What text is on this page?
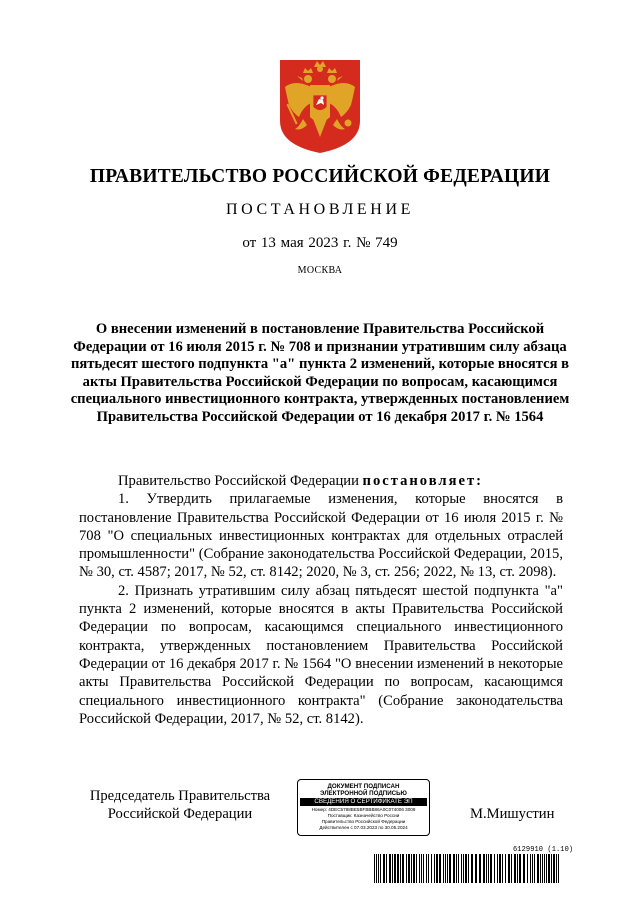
ПРАВИТЕЛЬСТВО РОССИЙСКОЙ ФЕДЕРАЦИИ
ПОСТАНОВЛЕНИЕ
от 13 мая 2023 г. № 749
МОСКВА
О внесении изменений в постановление Правительства Российской Федерации от 16 июля 2015 г. № 708 и признании утратившим силу абзаца пятьдесят шестого подпункта "а" пункта 2 изменений, которые вносятся в акты Правительства Российской Федерации по вопросам, касающимся специального инвестиционного контракта, утвержденных постановлением Правительства Российской Федерации от 16 декабря 2017 г. № 1564

Правительство Российской Федерации постановляет:

1. Утвердить прилагаемые изменения, которые вносятся в постановление Правительства Российской Федерации от 16 июля 2015 г. № 708 "О специальных инвестиционных контрактах для отдельных отраслей промышленности" (Собрание законодательства Российской Федерации, 2015, № 30, ст. 4587; 2017, № 52, ст. 8142; 2020, № 3, ст. 256; 2022, № 13, ст. 2098).

2. Признать утратившим силу абзац пятьдесят шестой подпункта "а" пункта 2 изменений, которые вносятся в акты Правительства Российской Федерации по вопросам, касающимся специального инвестиционного контракта, утвержденных постановлением Правительства Российской Федерации от 16 декабря 2017 г. № 1564 "О внесении изменений в некоторые акты Правительства Российской Федерации по вопросам, касающимся специального инвестиционного контракта" (Собрание законодательства Российской Федерации, 2017, № 52, ст. 8142).

Председатель Правительства
Российской Федерации
ДОКУМЕНТ ПОДПИСАН
ЭЛЕКТРОННОЙ ПОДПИСЬЮ
СВЕДЕНИЯ О СЕРТИФИКАТЕ ЭП
Номер: 4DEC5788BE5BFBBB86A0C074006 3008
Поставщик: Казначейство России
Правительство Российской Федерации
Действителен с 07.03.2023 по 30.05.2024
М.Мишустин
6129910 (1.10)
